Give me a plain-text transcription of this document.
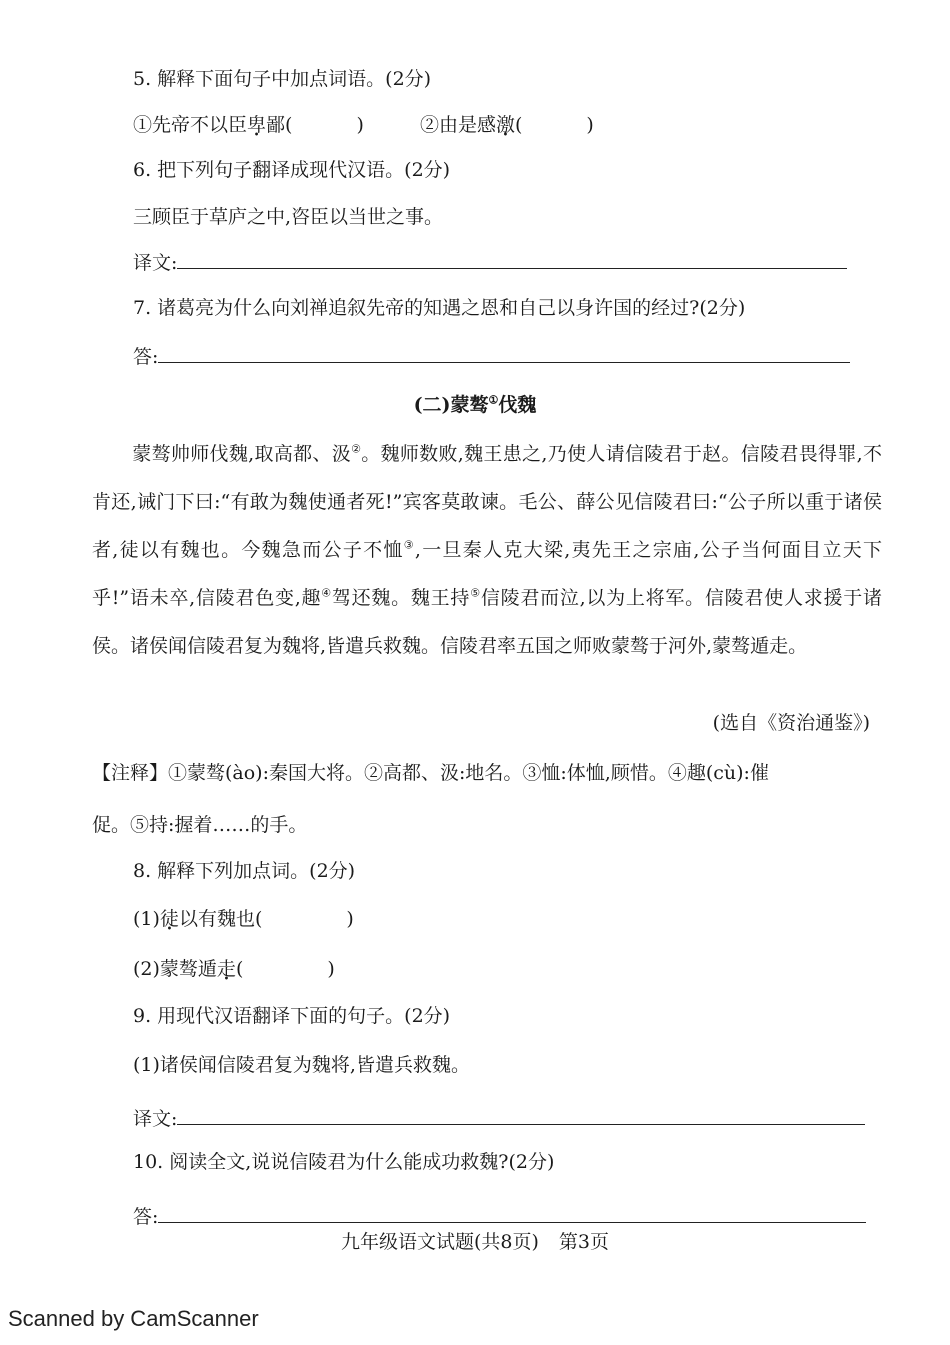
5. 解释下面句子中加点词语。(2分)
①先帝不以臣卑鄙(	)	②由是感激(	)
6. 把下列句子翻译成现代汉语。(2分)
三顾臣于草庐之中,咨臣以当世之事。
译文:
7. 诸葛亮为什么向刘禅追叙先帝的知遇之恩和自己以身许国的经过?(2分)
答:
(二)蒙骜①伐魏
蒙骜帅师伐魏,取高都、汲②。魏师数败,魏王患之,乃使人请信陵君于赵。信陵君畏得罪,不肯还,诫门下曰:“有敢为魏使通者死!”宾客莫敢谏。毛公、薛公见信陵君曰:“公子所以重于诸侯者,徒以有魏也。今魏急而公子不恤③,一旦秦人克大梁,夷先王之宗庙,公子当何面目立天下乎!”语未卒,信陵君色变,趣④驾还魏。魏王持⑤信陵君而泣,以为上将军。信陵君使人求援于诸侯。诸侯闻信陵君复为魏将,皆遣兵救魏。信陵君率五国之师败蒙骜于河外,蒙骜遁走。
(选自《资治通鉴》)
【注释】①蒙骜(ào):秦国大将。②高都、汲:地名。③恤:体恤,顾惜。④趣(cù):催
促。⑤持:握着……的手。
8. 解释下列加点词。(2分)
(1)徒以有魏也(	)
(2)蒙骜遁走(	)
9. 用现代汉语翻译下面的句子。(2分)
(1)诸侯闻信陵君复为魏将,皆遣兵救魏。
译文:
10. 阅读全文,说说信陵君为什么能成功救魏?(2分)
答:
九年级语文试题(共8页) 第3页
Scanned by CamScanner
